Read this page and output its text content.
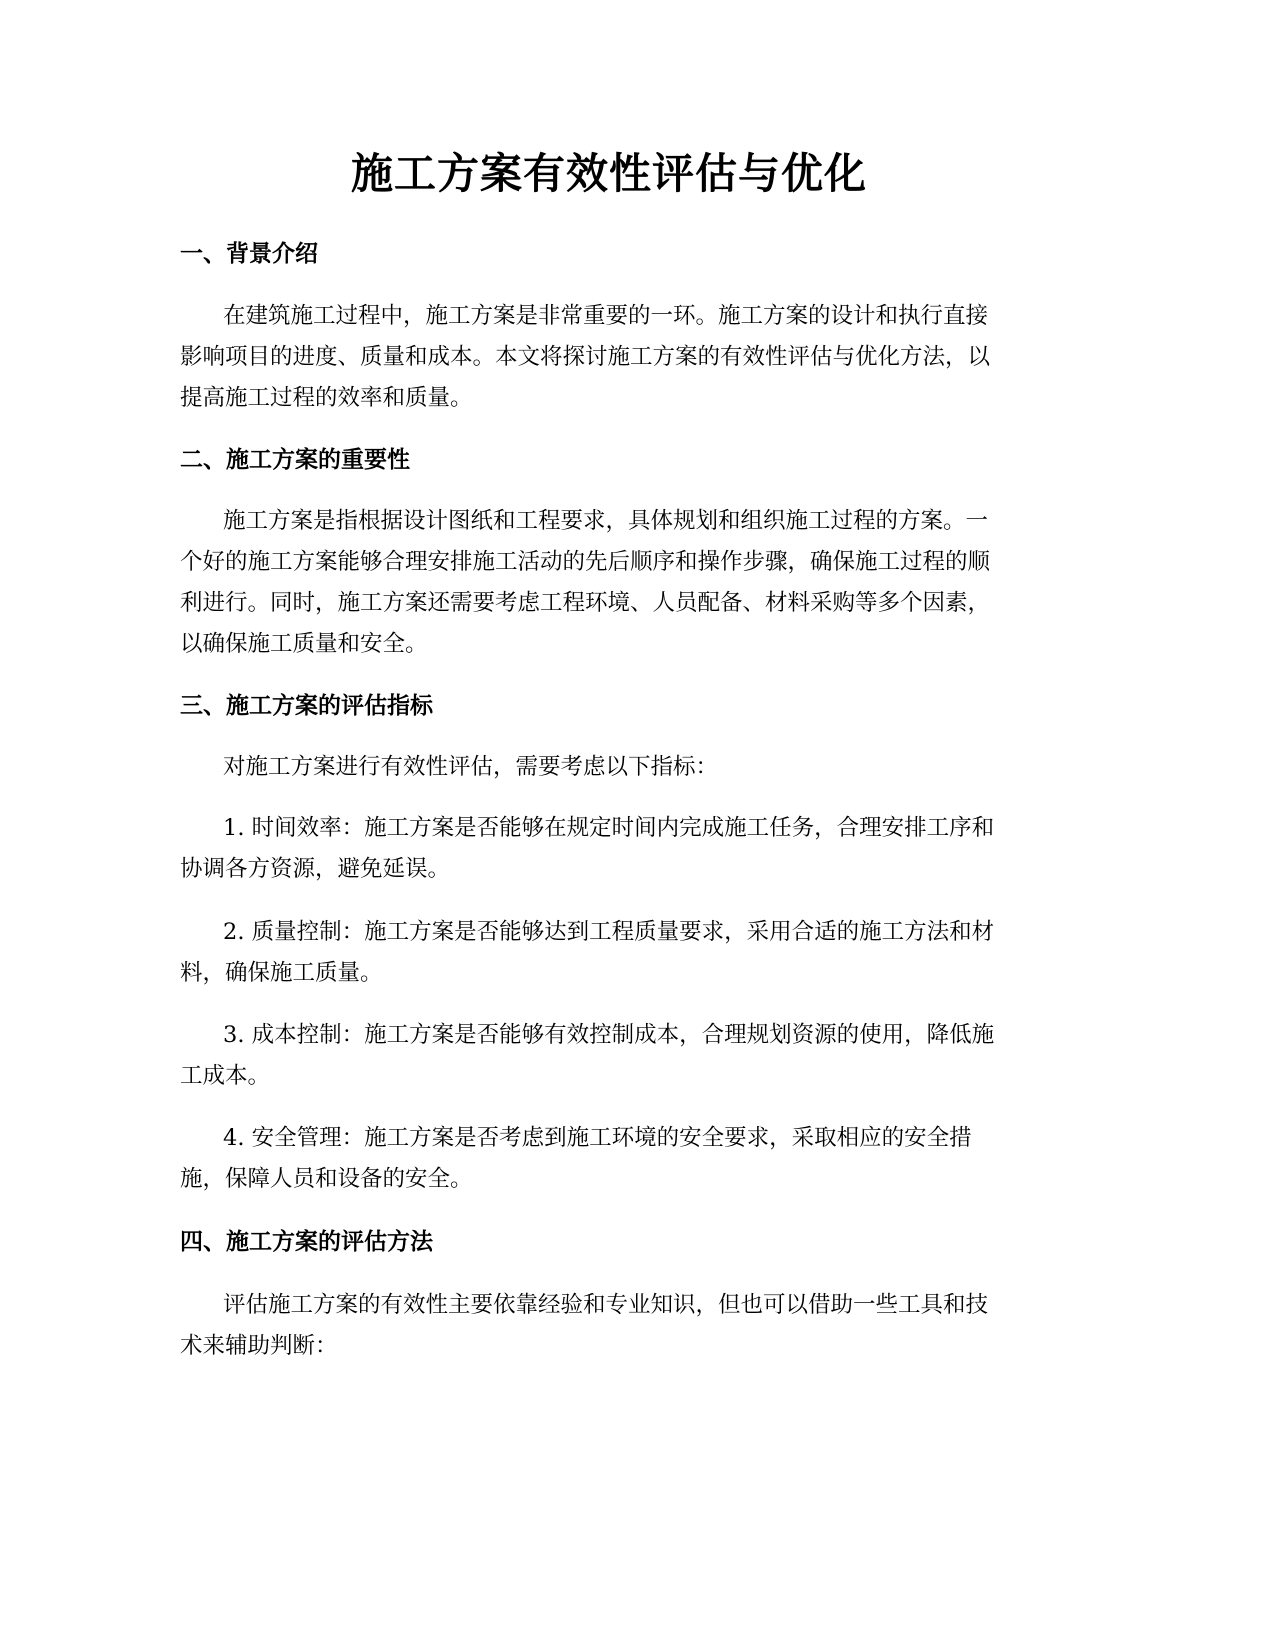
施工方案有效性评估与优化
一、背景介绍

在建筑施工过程中，施工方案是非常重要的一环。施工方案的设计和执行直接
影响项目的进度、质量和成本。本文将探讨施工方案的有效性评估与优化方法，以
提高施工过程的效率和质量。

二、施工方案的重要性

施工方案是指根据设计图纸和工程要求，具体规划和组织施工过程的方案。一
个好的施工方案能够合理安排施工活动的先后顺序和操作步骤，确保施工过程的顺
利进行。同时，施工方案还需要考虑工程环境、人员配备、材料采购等多个因素，
以确保施工质量和安全。

三、施工方案的评估指标

对施工方案进行有效性评估，需要考虑以下指标：

1. 时间效率：施工方案是否能够在规定时间内完成施工任务，合理安排工序和
协调各方资源，避免延误。

2. 质量控制：施工方案是否能够达到工程质量要求，采用合适的施工方法和材
料，确保施工质量。

3. 成本控制：施工方案是否能够有效控制成本，合理规划资源的使用，降低施
工成本。

4. 安全管理：施工方案是否考虑到施工环境的安全要求，采取相应的安全措
施，保障人员和设备的安全。

四、施工方案的评估方法

评估施工方案的有效性主要依靠经验和专业知识，但也可以借助一些工具和技
术来辅助判断：
